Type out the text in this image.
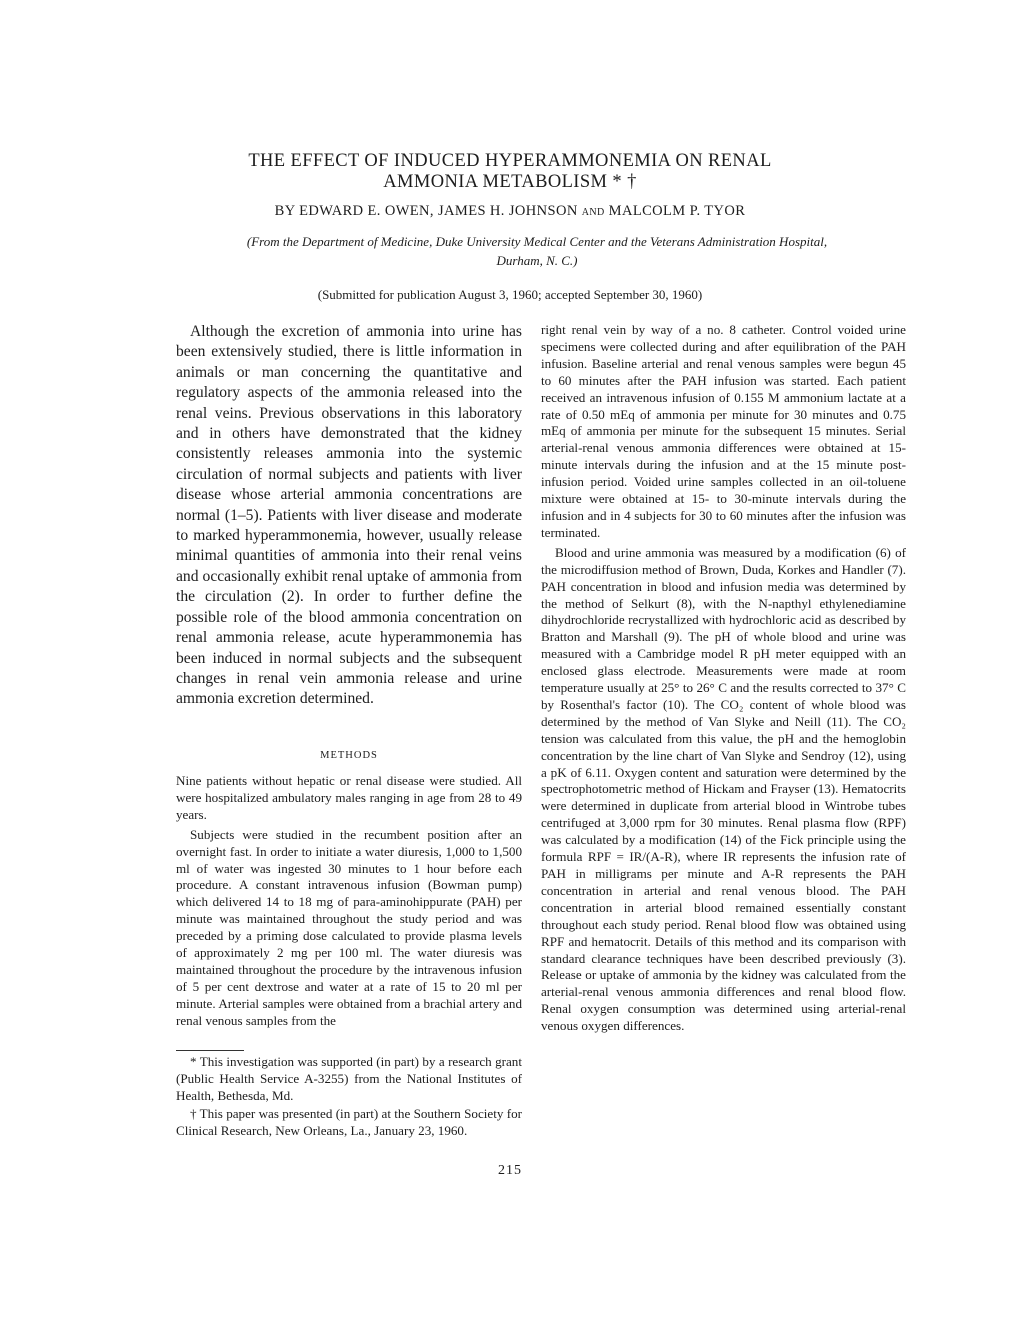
THE EFFECT OF INDUCED HYPERAMMONEMIA ON RENAL
AMMONIA METABOLISM * †
BY EDWARD E. OWEN, JAMES H. JOHNSON AND MALCOLM P. TYOR
(From the Department of Medicine, Duke University Medical Center and the Veterans Administration Hospital, Durham, N. C.)
(Submitted for publication August 3, 1960; accepted September 30, 1960)

Although the excretion of ammonia into urine has been extensively studied, there is little information in animals or man concerning the quantitative and regulatory aspects of the ammonia released into the renal veins. Previous observations in this laboratory and in others have demonstrated that the kidney consistently releases ammonia into the systemic circulation of normal subjects and patients with liver disease whose arterial ammonia concentrations are normal (1–5). Patients with liver disease and moderate to marked hyperammonemia, however, usually release minimal quantities of ammonia into their renal veins and occasionally exhibit renal uptake of ammonia from the circulation (2). In order to further define the possible role of the blood ammonia concentration on renal ammonia release, acute hyperammonemia has been induced in normal subjects and the subsequent changes in renal vein ammonia release and urine ammonia excretion determined.

METHODS

Nine patients without hepatic or renal disease were studied. All were hospitalized ambulatory males ranging in age from 28 to 49 years.

Subjects were studied in the recumbent position after an overnight fast. In order to initiate a water diuresis, 1,000 to 1,500 ml of water was ingested 30 minutes to 1 hour before each procedure. A constant intravenous infusion (Bowman pump) which delivered 14 to 18 mg of para-aminohippurate (PAH) per minute was maintained throughout the study period and was preceded by a priming dose calculated to provide plasma levels of approximately 2 mg per 100 ml. The water diuresis was maintained throughout the procedure by the intravenous infusion of 5 per cent dextrose and water at a rate of 15 to 20 ml per minute. Arterial samples were obtained from a brachial artery and renal venous samples from the

* This investigation was supported (in part) by a research grant (Public Health Service A-3255) from the National Institutes of Health, Bethesda, Md.

† This paper was presented (in part) at the Southern Society for Clinical Research, New Orleans, La., January 23, 1960.

right renal vein by way of a no. 8 catheter. Control voided urine specimens were collected during and after equilibration of the PAH infusion. Baseline arterial and renal venous samples were begun 45 to 60 minutes after the PAH infusion was started. Each patient received an intravenous infusion of 0.155 M ammonium lactate at a rate of 0.50 mEq of ammonia per minute for 30 minutes and 0.75 mEq of ammonia per minute for the subsequent 15 minutes. Serial arterial-renal venous ammonia differences were obtained at 15-minute intervals during the infusion and at the 15 minute post-infusion period. Voided urine samples collected in an oil-toluene mixture were obtained at 15- to 30-minute intervals during the infusion and in 4 subjects for 30 to 60 minutes after the infusion was terminated.

Blood and urine ammonia was measured by a modification (6) of the microdiffusion method of Brown, Duda, Korkes and Handler (7). PAH concentration in blood and infusion media was determined by the method of Selkurt (8), with the N-napthyl ethylenediamine dihydrochloride recrystallized with hydrochloric acid as described by Bratton and Marshall (9). The pH of whole blood and urine was measured with a Cambridge model R pH meter equipped with an enclosed glass electrode. Measurements were made at room temperature usually at 25° to 26° C and the results corrected to 37° C by Rosenthal's factor (10). The CO₂ content of whole blood was determined by the method of Van Slyke and Neill (11). The CO₂ tension was calculated from this value, the pH and the hemoglobin concentration by the line chart of Van Slyke and Sendroy (12), using a pK of 6.11. Oxygen content and saturation were determined by the spectrophotometric method of Hickam and Frayser (13). Hematocrits were determined in duplicate from arterial blood in Wintrobe tubes centrifuged at 3,000 rpm for 30 minutes. Renal plasma flow (RPF) was calculated by a modification (14) of the Fick principle using the formula RPF = IR/(A-R), where IR represents the infusion rate of PAH in milligrams per minute and A-R represents the PAH concentration in arterial and renal venous blood. The PAH concentration in arterial blood remained essentially constant throughout each study period. Renal blood flow was obtained using RPF and hematocrit. Details of this method and its comparison with standard clearance techniques have been described previously (3). Release or uptake of ammonia by the kidney was calculated from the arterial-renal venous ammonia differences and renal blood flow. Renal oxygen consumption was determined using arterial-renal venous oxygen differences.

215
